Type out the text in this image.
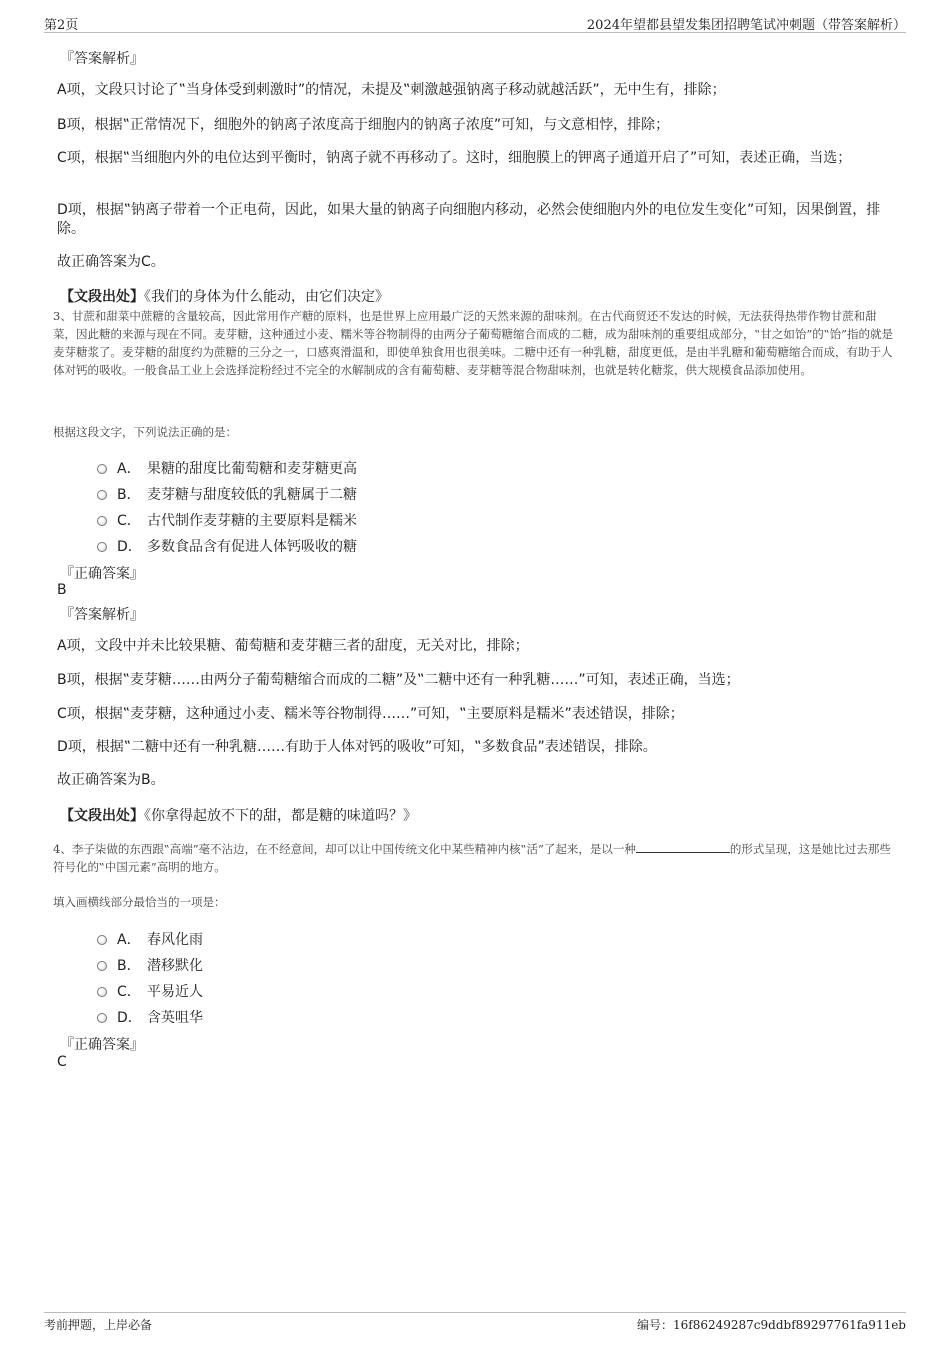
第2页	2024年望都县望发集团招聘笔试冲刺题（带答案解析）
『答案解析』
A项，文段只讨论了‟当身体受到刺激时”的情况，未提及‟刺激越强钠离子移动就越活跃”，无中生有，排除；
B项，根据‟正常情况下，细胞外的钠离子浓度高于细胞内的钠离子浓度”可知，与文意相悖，排除；
C项，根据‟当细胞内外的电位达到平衡时，钠离子就不再移动了。这时，细胞膜上的钾离子通道开启了”可知，表述正确，当选；
D项，根据‟钠离子带着一个正电荷，因此，如果大量的钠离子向细胞内移动，必然会使细胞内外的电位发生变化”可知，因果倒置，排除。
故正确答案为C。
【文段出处】《我们的身体为什么能动，由它们决定》
3、甘蔗和甜菜中蔗糖的含量较高，因此常用作产糖的原料，也是世界上应用最广泛的天然来源的甜味剂。在古代商贸还不发达的时候，无法获得热带作物甘蔗和甜菜，因此糖的来源与现在不同。麦芽糖，这种通过小麦、糯米等谷物制得的由两分子葡萄糖缩合而成的二糖，成为甜味剂的重要组成部分，‟甘之如饴”的‟饴”指的就是麦芽糖浆了。麦芽糖的甜度约为蔗糖的三分之一，口感爽滑温和，即使单独食用也很美味。二糖中还有一种乳糖，甜度更低，是由半乳糖和葡萄糖缩合而成，有助于人体对钙的吸收。一般食品工业上会选择淀粉经过不完全的水解制成的含有葡萄糖、麦芽糖等混合物甜味剂，也就是转化糖浆，供大规模食品添加使用。
根据这段文字，下列说法正确的是：
A． 果糖的甜度比葡萄糖和麦芽糖更高
B． 麦芽糖与甜度较低的乳糖属于二糖
C． 古代制作麦芽糖的主要原料是糯米
D． 多数食品含有促进人体钙吸收的糖
『正确答案』
B
『答案解析』
A项，文段中并未比较果糖、葡萄糖和麦芽糖三者的甜度，无关对比，排除；
B项，根据‟麦芽糖……由两分子葡萄糖缩合而成的二糖”及‟二糖中还有一种乳糖……”可知，表述正确，当选；
C项，根据‟麦芽糖，这种通过小麦、糯米等谷物制得……”可知，‟主要原料是糯米”表述错误，排除；
D项，根据‟二糖中还有一种乳糖……有助于人体对钙的吸收”可知，‟多数食品”表述错误，排除。
故正确答案为B。
【文段出处】《你拿得起放不下的甜，都是糖的味道吗？》
4、李子柒做的东西跟‟高端”毫不沾边，在不经意间，却可以让中国传统文化中某些精神内核‟活”了起来，是以一种	的形式呈现，这是她比过去那些符号化的‟中国元素”高明的地方。
填入画横线部分最恰当的一项是：
A． 春风化雨
B． 潜移默化
C． 平易近人
D． 含英咀华
『正确答案』
C
考前押题，上岸必备	编号：16f86249287c9ddbf89297761fa911eb
